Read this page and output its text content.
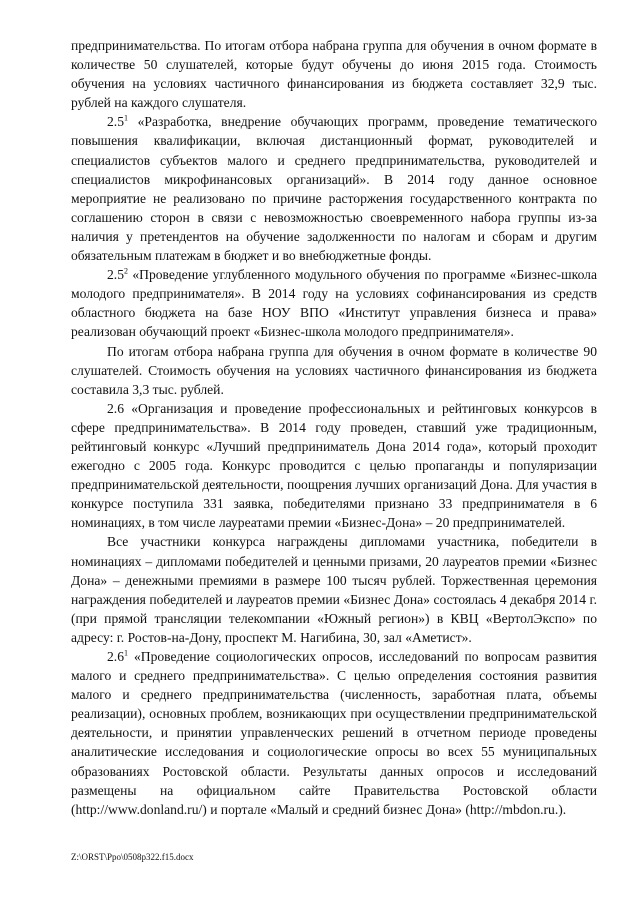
предпринимательства. По итогам отбора набрана группа для обучения в очном формате в количестве 50 слушателей, которые будут обучены до июня 2015 года. Стоимость обучения на условиях частичного финансирования из бюджета составляет 32,9 тыс. рублей на каждого слушателя.

$2.5^1$ «Разработка, внедрение обучающих программ, проведение тематического повышения квалификации, включая дистанционный формат, руководителей и специалистов субъектов малого и среднего предпринимательства, руководителей и специалистов микрофинансовых организаций». В 2014 году данное основное мероприятие не реализовано по причине расторжения государственного контракта по соглашению сторон в связи с невозможностью своевременного набора группы из-за наличия у претендентов на обучение задолженности по налогам и сборам и другим обязательным платежам в бюджет и во внебюджетные фонды.

$2.5^2$ «Проведение углубленного модульного обучения по программе «Бизнес-школа молодого предпринимателя». В 2014 году на условиях софинансирования из средств областного бюджета на базе НОУ ВПО «Институт управления бизнеса и права» реализован обучающий проект «Бизнес-школа молодого предпринимателя».

По итогам отбора набрана группа для обучения в очном формате в количестве 90 слушателей. Стоимость обучения на условиях частичного финансирования из бюджета составила 3,3 тыс. рублей.

2.6 «Организация и проведение профессиональных и рейтинговых конкурсов в сфере предпринимательства». В 2014 году проведен, ставший уже традиционным, рейтинговый конкурс «Лучший предприниматель Дона 2014 года», который проходит ежегодно с 2005 года. Конкурс проводится с целью пропаганды и популяризации предпринимательской деятельности, поощрения лучших организаций Дона. Для участия в конкурсе поступила 331 заявка, победителями признано 33 предпринимателя в 6 номинациях, в том числе лауреатами премии «Бизнес-Дона» – 20 предпринимателей.

Все участники конкурса награждены дипломами участника, победители в номинациях – дипломами победителей и ценными призами, 20 лауреатов премии «Бизнес Дона» – денежными премиями в размере 100 тысяч рублей. Торжественная церемония награждения победителей и лауреатов премии «Бизнес Дона» состоялась 4 декабря 2014 г. (при прямой трансляции телекомпании «Южный регион») в КВЦ «ВертолЭкспо» по адресу: г. Ростов-на-Дону, проспект М. Нагибина, 30, зал «Аметист».

$2.6^1$ «Проведение социологических опросов, исследований по вопросам развития малого и среднего предпринимательства». С целью определения состояния развития малого и среднего предпринимательства (численность, заработная плата, объемы реализации), основных проблем, возникающих при осуществлении предпринимательской деятельности, и принятии управленческих решений в отчетном периоде проведены аналитические исследования и социологические опросы во всех 55 муниципальных образованиях Ростовской области. Результаты данных опросов и исследований размещены на официальном сайте Правительства Ростовской области (http://www.donland.ru/) и портале «Малый и средний бизнес Дона» (http://mbdon.ru.).

Z:\ORST\Ppo\0508p322.f15.docx
